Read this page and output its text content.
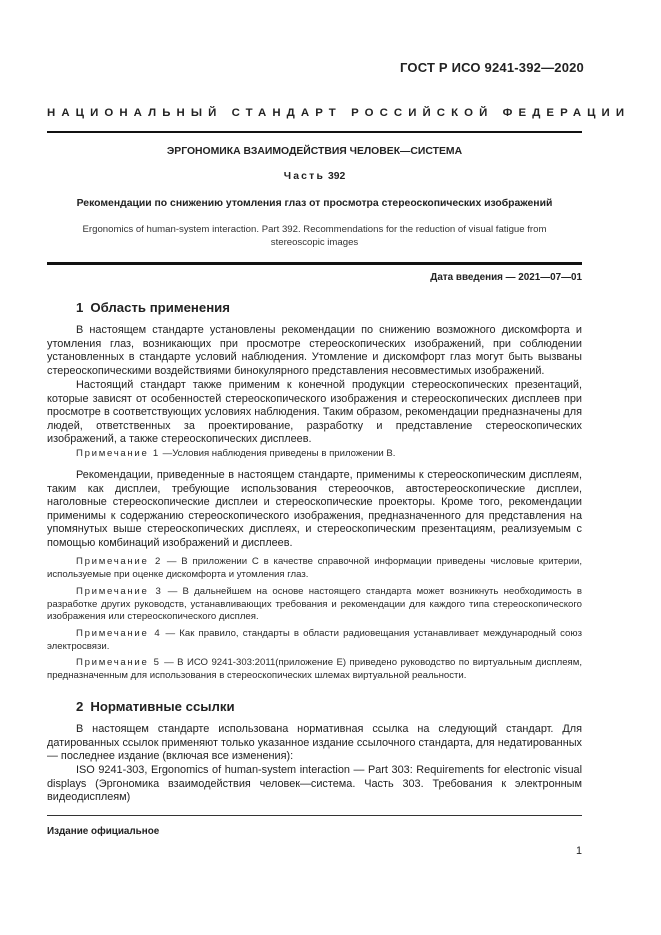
ГОСТ Р ИСО 9241-392—2020
НАЦИОНАЛЬНЫЙ СТАНДАРТ РОССИЙСКОЙ ФЕДЕРАЦИИ
ЭРГОНОМИКА ВЗАИМОДЕЙСТВИЯ ЧЕЛОВЕК—СИСТЕМА
Часть 392
Рекомендации по снижению утомления глаз от просмотра стереоскопических изображений
Ergonomics of human-system interaction. Part 392. Recommendations for the reduction of visual fatigue from stereoscopic images
Дата введения — 2021—07—01
1 Область применения

В настоящем стандарте установлены рекомендации по снижению возможного дискомфорта и утомления глаз, возникающих при просмотре стереоскопических изображений, при соблюдении установленных в стандарте условий наблюдения. Утомление и дискомфорт глаз могут быть вызваны стереоскопическими воздействиями бинокулярного представления несовместимых изображений.

Настоящий стандарт также применим к конечной продукции стереоскопических презентаций, которые зависят от особенностей стереоскопического изображения и стереоскопических дисплеев при просмотре в соответствующих условиях наблюдения. Таким образом, рекомендации предназначены для людей, ответственных за проектирование, разработку и представление стереоскопических изображений, а также стереоскопических дисплеев.

Примечание 1 —Условия наблюдения приведены в приложении В.

Рекомендации, приведенные в настоящем стандарте, применимы к стереоскопическим дисплеям, таким как дисплеи, требующие использования стереоочков, автостереоскопические дисплеи, наголовные стереоскопические дисплеи и стереоскопические проекторы. Кроме того, рекомендации применимы к содержанию стереоскопического изображения, предназначенного для представления на упомянутых выше стереоскопических дисплеях, и стереоскопическим презентациям, реализуемым с помощью комбинаций изображений и дисплеев.

Примечание 2 — В приложении С в качестве справочной информации приведены числовые критерии, используемые при оценке дискомфорта и утомления глаз.

Примечание 3 — В дальнейшем на основе настоящего стандарта может возникнуть необходимость в разработке других руководств, устанавливающих требования и рекомендации для каждого типа стереоскопического изображения или стереоскопического дисплея.

Примечание 4 — Как правило, стандарты в области радиовещания устанавливает международный союз электросвязи.

Примечание 5 — В ИСО 9241-303:2011(приложение Е) приведено руководство по виртуальным дисплеям, предназначенным для использования в стереоскопических шлемах виртуальной реальности.

2 Нормативные ссылки

В настоящем стандарте использована нормативная ссылка на следующий стандарт. Для датированных ссылок применяют только указанное издание ссылочного стандарта, для недатированных — последнее издание (включая все изменения):

ISO 9241-303, Ergonomics of human-system interaction — Part 303: Requirements for electronic visual displays (Эргономика взаимодействия человек—система. Часть 303. Требования к электронным видеодисплеям)

Издание официальное
1
